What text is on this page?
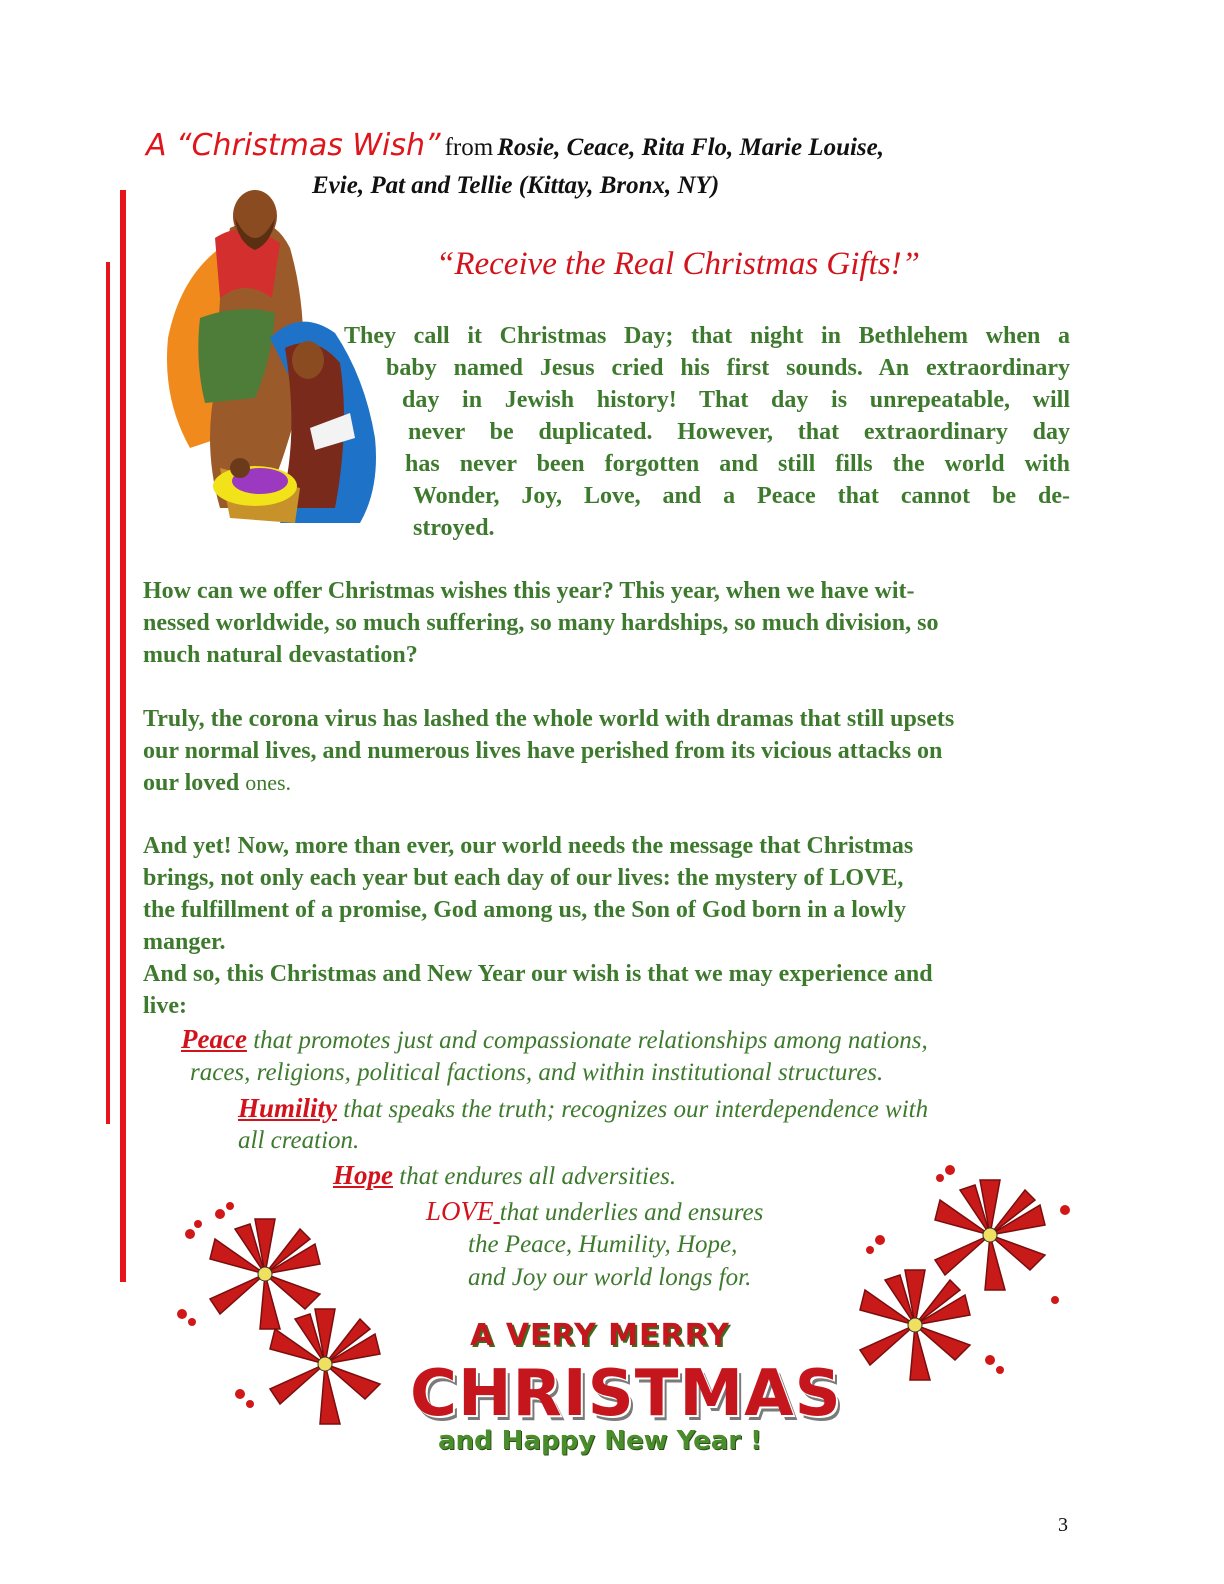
A “Christmas Wish” from Rosie, Ceace, Rita Flo, Marie Louise,
Evie, Pat and Tellie (Kittay, Bronx, NY)
“Receive the Real Christmas Gifts!”
They call it Christmas Day; that night in Bethlehem when a
baby named Jesus cried his first sounds. An extraordinary
day in Jewish history! That day is unrepeatable, will
never be duplicated. However, that extraordinary day
has never been forgotten and still fills the world with
Wonder, Joy, Love, and a Peace that cannot be de-
stroyed.
How can we offer Christmas wishes this year? This year, when we have wit-
nessed worldwide, so much suffering, so many hardships, so much division, so
much natural devastation?
Truly, the corona virus has lashed the whole world with dramas that still upsets
our normal lives, and numerous lives have perished from its vicious attacks on
our loved ones.
And yet! Now, more than ever, our world needs the message that Christmas
brings, not only each year but each day of our lives: the mystery of LOVE,
the fulfillment of a promise, God among us, the Son of God born in a lowly
manger.
And so, this Christmas and New Year our wish is that we may experience and
live:
Peace that promotes just and compassionate relationships among nations,
races, religions, political factions, and within institutional structures.
Humility that speaks the truth; recognizes our interdependence with
all creation.
Hope that endures all adversities.
LOVE that underlies and ensures
the Peace, Humility, Hope,
and Joy our world longs for.
A VERY MERRY
CHRISTMAS
and Happy New Year !
3
